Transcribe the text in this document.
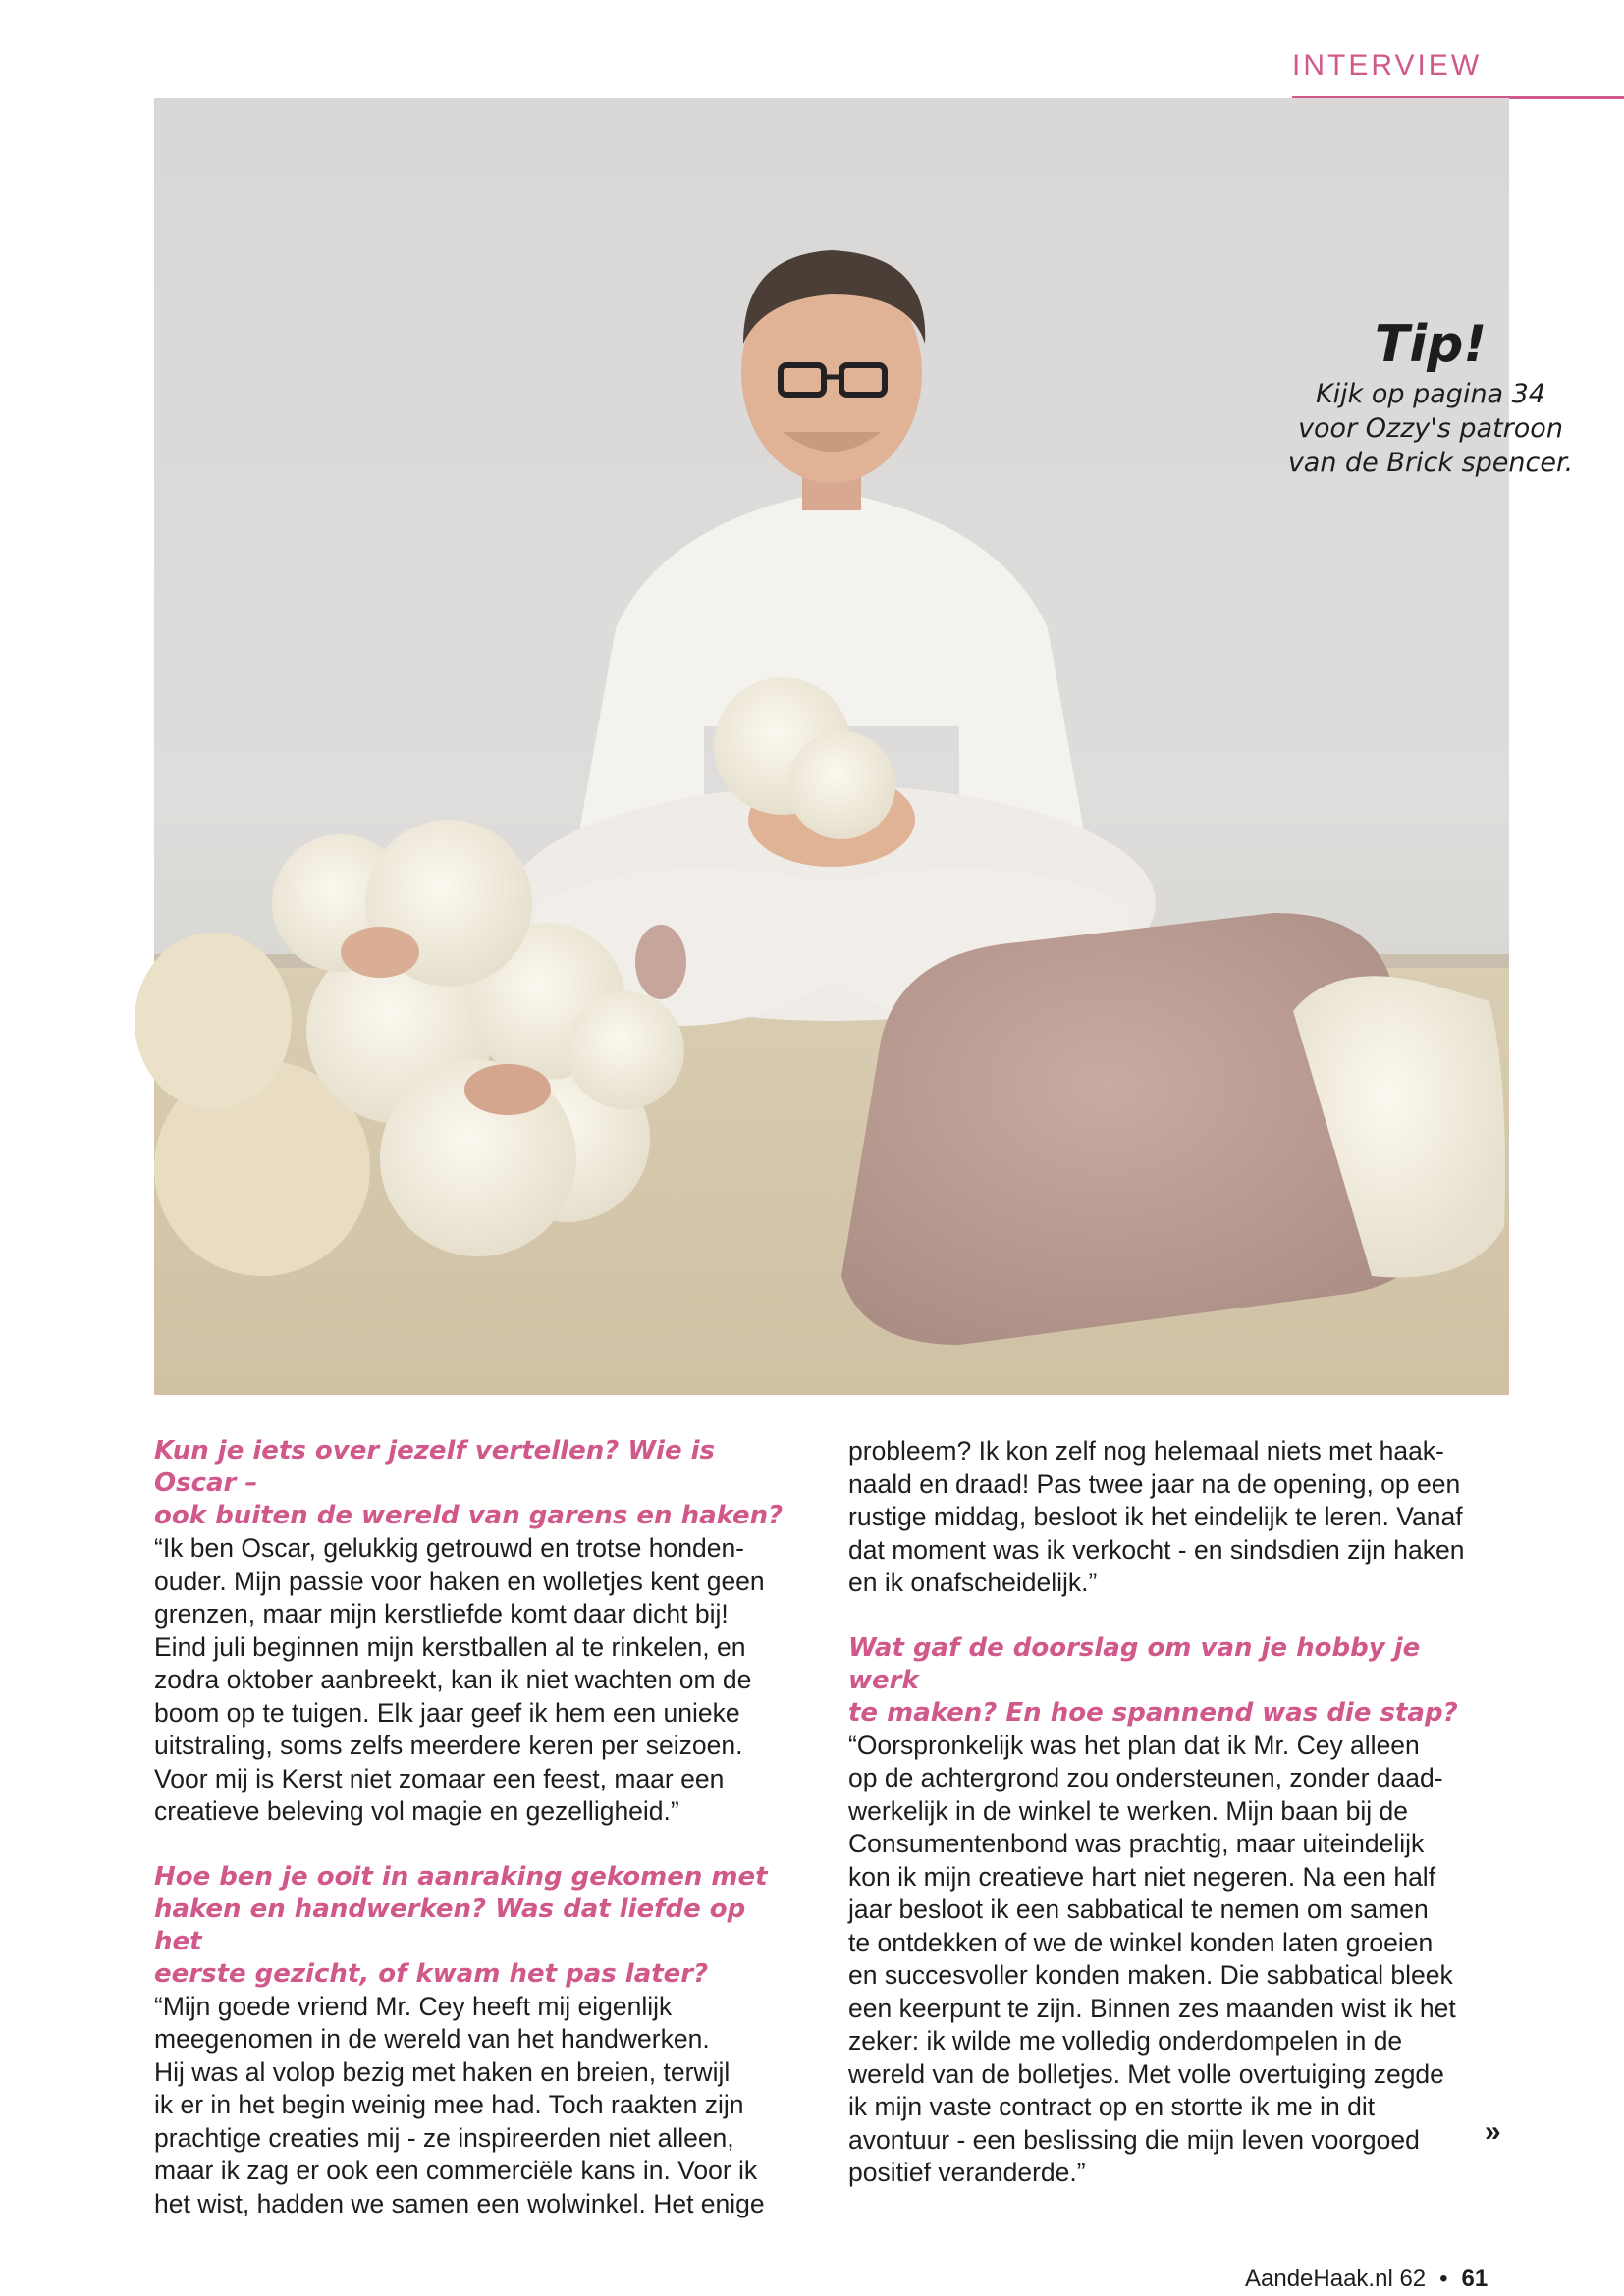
INTERVIEW
Tip!
Kijk op pagina 34
voor Ozzy's patroon
van de Brick spencer.
Kun je iets over jezelf vertellen? Wie is Oscar –
ook buiten de wereld van garens en haken?
“Ik ben Oscar, gelukkig getrouwd en trotse honden-
ouder. Mijn passie voor haken en wolletjes kent geen
grenzen, maar mijn kerstliefde komt daar dicht bij!
Eind juli beginnen mijn kerstballen al te rinkelen, en
zodra oktober aanbreekt, kan ik niet wachten om de
boom op te tuigen. Elk jaar geef ik hem een unieke
uitstraling, soms zelfs meerdere keren per seizoen.
Voor mij is Kerst niet zomaar een feest, maar een
creatieve beleving vol magie en gezelligheid.”
Hoe ben je ooit in aanraking gekomen met
haken en handwerken? Was dat liefde op het
eerste gezicht, of kwam het pas later?
“Mijn goede vriend Mr. Cey heeft mij eigenlijk
meegenomen in de wereld van het handwerken.
Hij was al volop bezig met haken en breien, terwijl
ik er in het begin weinig mee had. Toch raakten zijn
prachtige creaties mij - ze inspireerden niet alleen,
maar ik zag er ook een commerciële kans in. Voor ik
het wist, hadden we samen een wolwinkel. Het enige
probleem? Ik kon zelf nog helemaal niets met haak-
naald en draad! Pas twee jaar na de opening, op een
rustige middag, besloot ik het eindelijk te leren. Vanaf
dat moment was ik verkocht - en sindsdien zijn haken
en ik onafscheidelijk.”
Wat gaf de doorslag om van je hobby je werk
te maken? En hoe spannend was die stap?
“Oorspronkelijk was het plan dat ik Mr. Cey alleen
op de achtergrond zou ondersteunen, zonder daad-
werkelijk in de winkel te werken. Mijn baan bij de
Consumentenbond was prachtig, maar uiteindelijk
kon ik mijn creatieve hart niet negeren. Na een half
jaar besloot ik een sabbatical te nemen om samen
te ontdekken of we de winkel konden laten groeien
en succesvoller konden maken. Die sabbatical bleek
een keerpunt te zijn. Binnen zes maanden wist ik het
zeker: ik wilde me volledig onderdompelen in de
wereld van de bolletjes. Met volle overtuiging zegde
ik mijn vaste contract op en stortte ik me in dit
avontuur - een beslissing die mijn leven voorgoed
positief veranderde.”
»
AandeHaak.nl 62 • 61
